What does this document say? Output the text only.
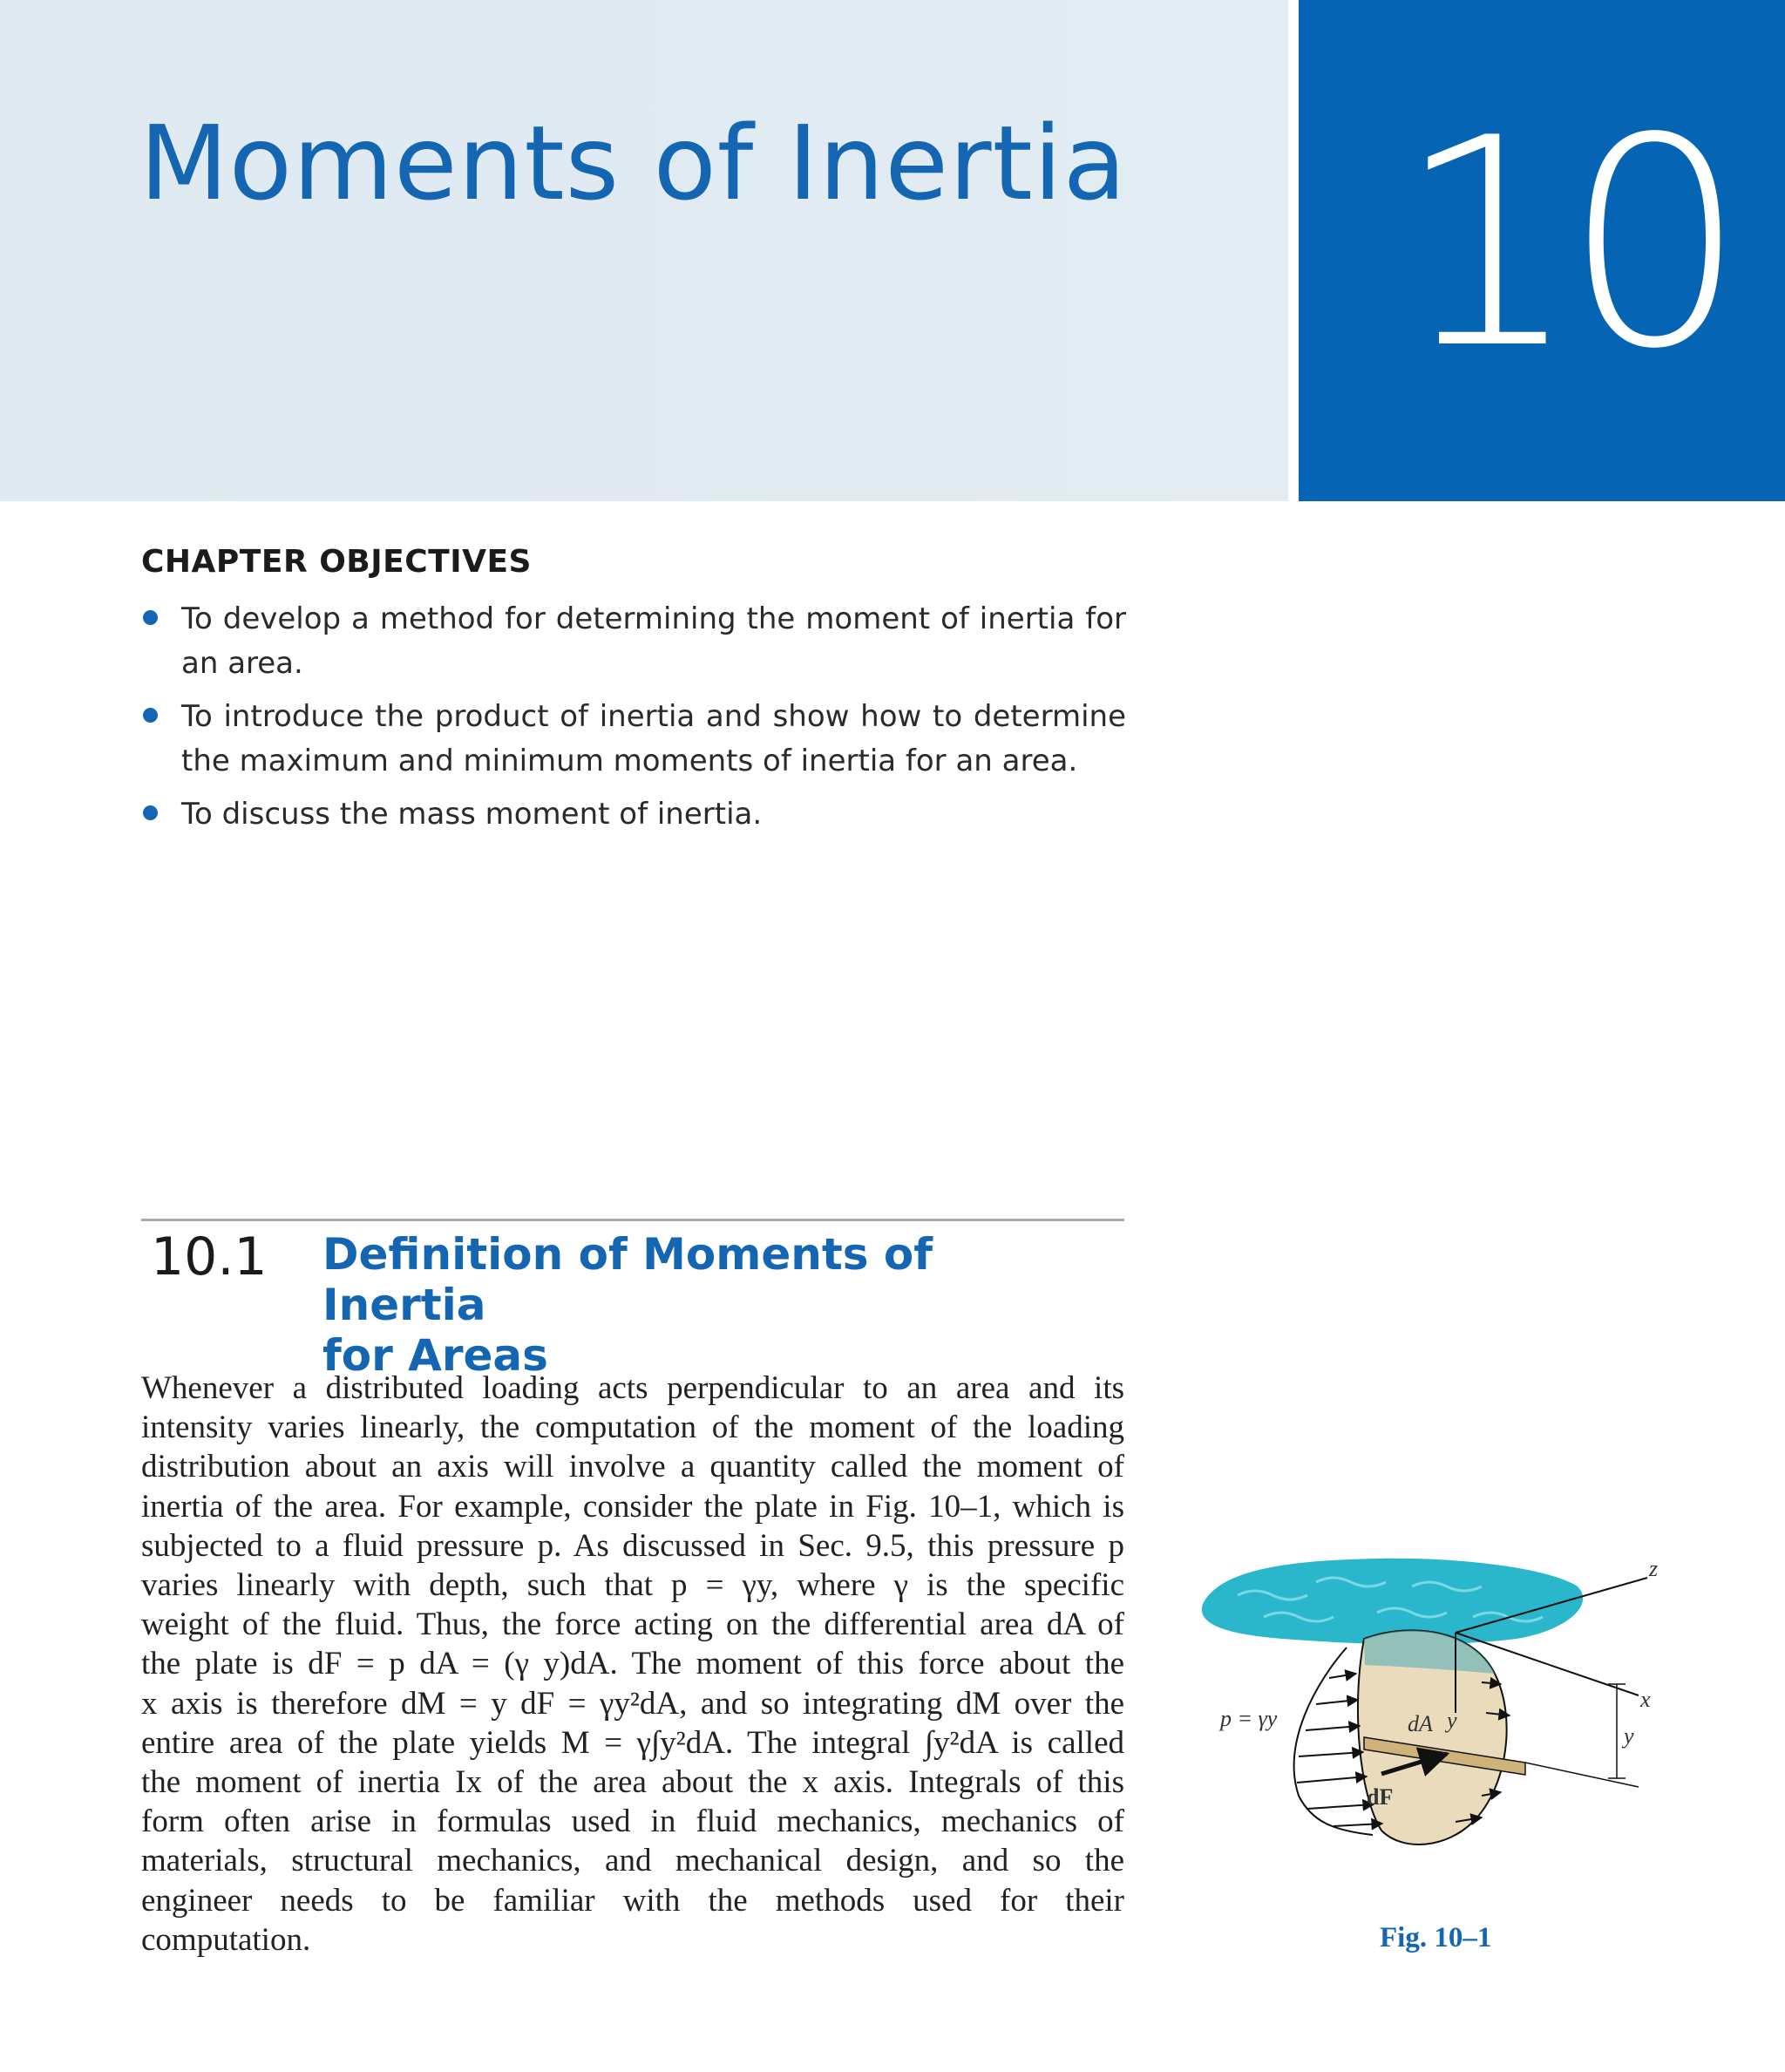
Moments of Inertia 10
CHAPTER OBJECTIVES
To develop a method for determining the moment of inertia for an area.
To introduce the product of inertia and show how to determine the maximum and minimum moments of inertia for an area.
To discuss the mass moment of inertia.
10.1 Definition of Moments of Inertia
for Areas
Whenever a distributed loading acts perpendicular to an area and its
intensity varies linearly, the computation of the moment of the loading
distribution about an axis will involve a quantity called the moment of
inertia of the area. For example, consider the plate in Fig. 10–1, which is
subjected to a fluid pressure p. As discussed in Sec. 9.5, this pressure p
varies linearly with depth, such that p = γy, where γ is the specific
weight of the fluid. Thus, the force acting on the differential area dA of
the plate is dF = p dA = (γ y)dA. The moment of this force about the
x axis is therefore dM = y dF = γy²dA, and so integrating dM over the
entire area of the plate yields M = γ∫y²dA. The integral ∫y²dA is called
the moment of inertia Ix of the area about the x axis. Integrals of this
form often arise in formulas used in fluid mechanics, mechanics of
materials, structural mechanics, and mechanical design, and so the
engineer needs to be familiar with the methods used for their
computation.
z
x
y
y
p = γy	dA
dF
Fig. 10–1
